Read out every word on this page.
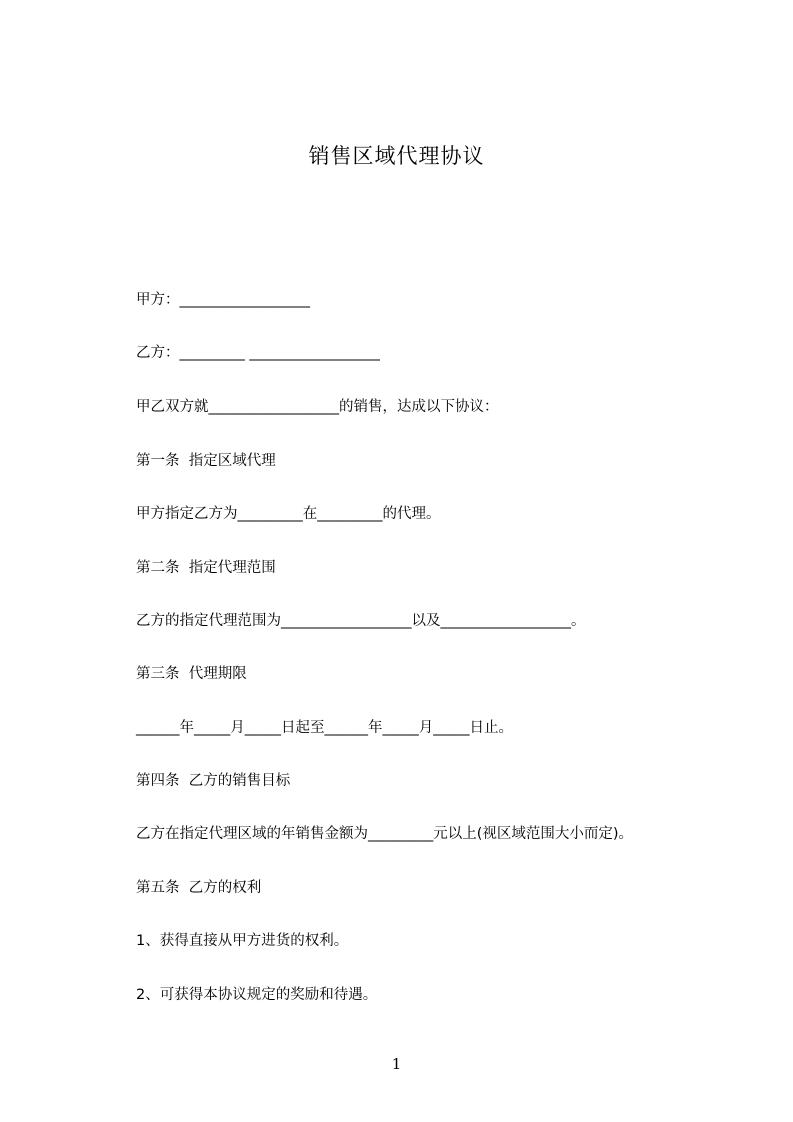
销售区域代理协议
甲方：__________________
乙方：_________ __________________
甲乙双方就__________________的销售，达成以下协议：
第一条  指定区域代理
甲方指定乙方为_________在_________的代理。
第二条  指定代理范围
乙方的指定代理范围为__________________以及__________________。
第三条  代理期限
______年_____月_____日起至______年_____月_____日止。
第四条  乙方的销售目标
乙方在指定代理区域的年销售金额为_________元以上(视区域范围大小而定)。
第五条  乙方的权利
1、获得直接从甲方进货的权利。
2、可获得本协议规定的奖励和待遇。
1
